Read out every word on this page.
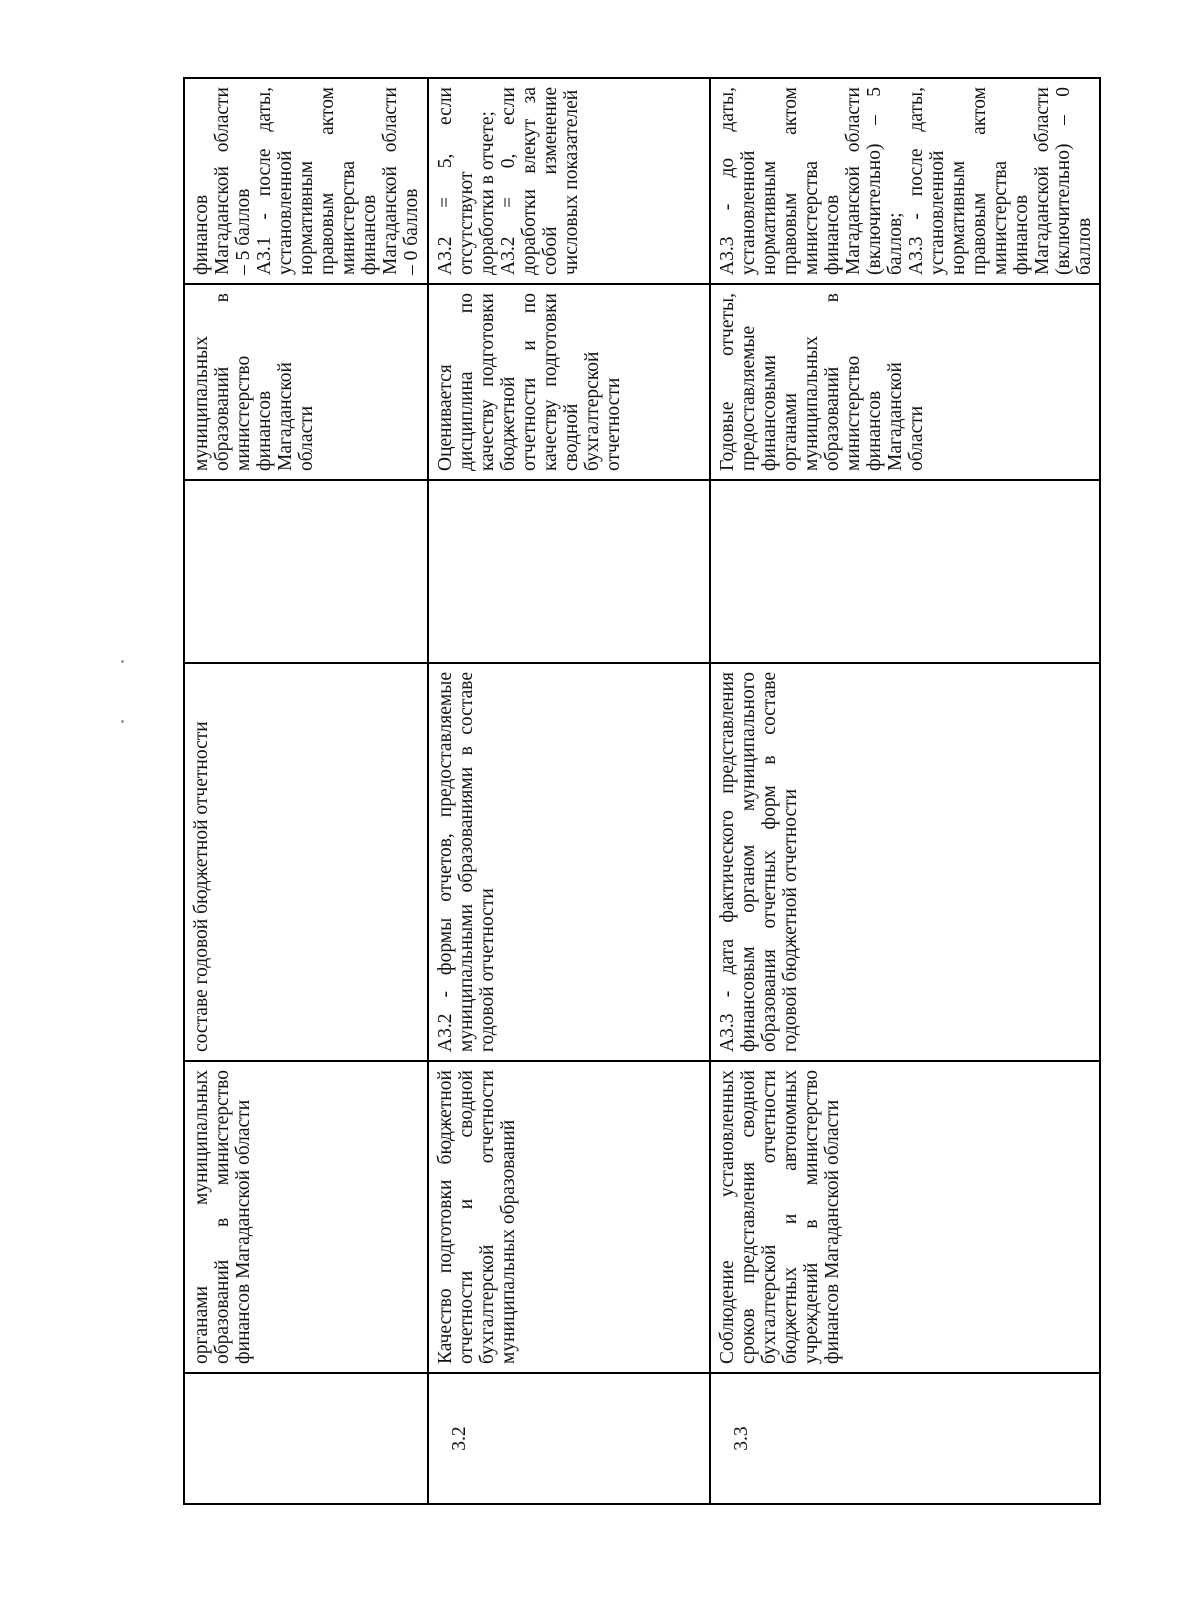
	органами муниципальных образований в министерство финансов Магаданской области	составе годовой бюджетной отчетности		муниципальных образований в министерство финансов Магаданской области	финансов Магаданской области – 5 баллов
А3.1 - после даты, установленной нормативным правовым актом министерства финансов Магаданской области – 0 баллов
3.2	Качество подготовки бюджетной отчетности и сводной бухгалтерской отчетности муниципальных образований	А3.2 - формы отчетов, предоставляемые муниципальными образованиями в составе годовой отчетности		Оценивается дисциплина по качеству подготовки бюджетной отчетности и по качеству подготовки сводной бухгалтерской отчетности	А3.2 = 5, если отсутствуют доработки в отчете;
А3.2 = 0, если доработки влекут за собой изменение числовых показателей
3.3	Соблюдение установленных сроков представления сводной бухгалтерской отчетности бюджетных и автономных учреждений в министерство финансов Магаданской области	А3.3 - дата фактического представления финансовым органом муниципального образования отчетных форм в составе годовой бюджетной отчетности		Годовые отчеты, предоставляемые финансовыми органами муниципальных образований в министерство финансов Магаданской области	А3.3 - до даты, установленной нормативным правовым актом министерства финансов Магаданской области (включительно) – 5 баллов;
А3.3 - после даты, установленной нормативным правовым актом министерства финансов Магаданской области (включительно) – 0 баллов
